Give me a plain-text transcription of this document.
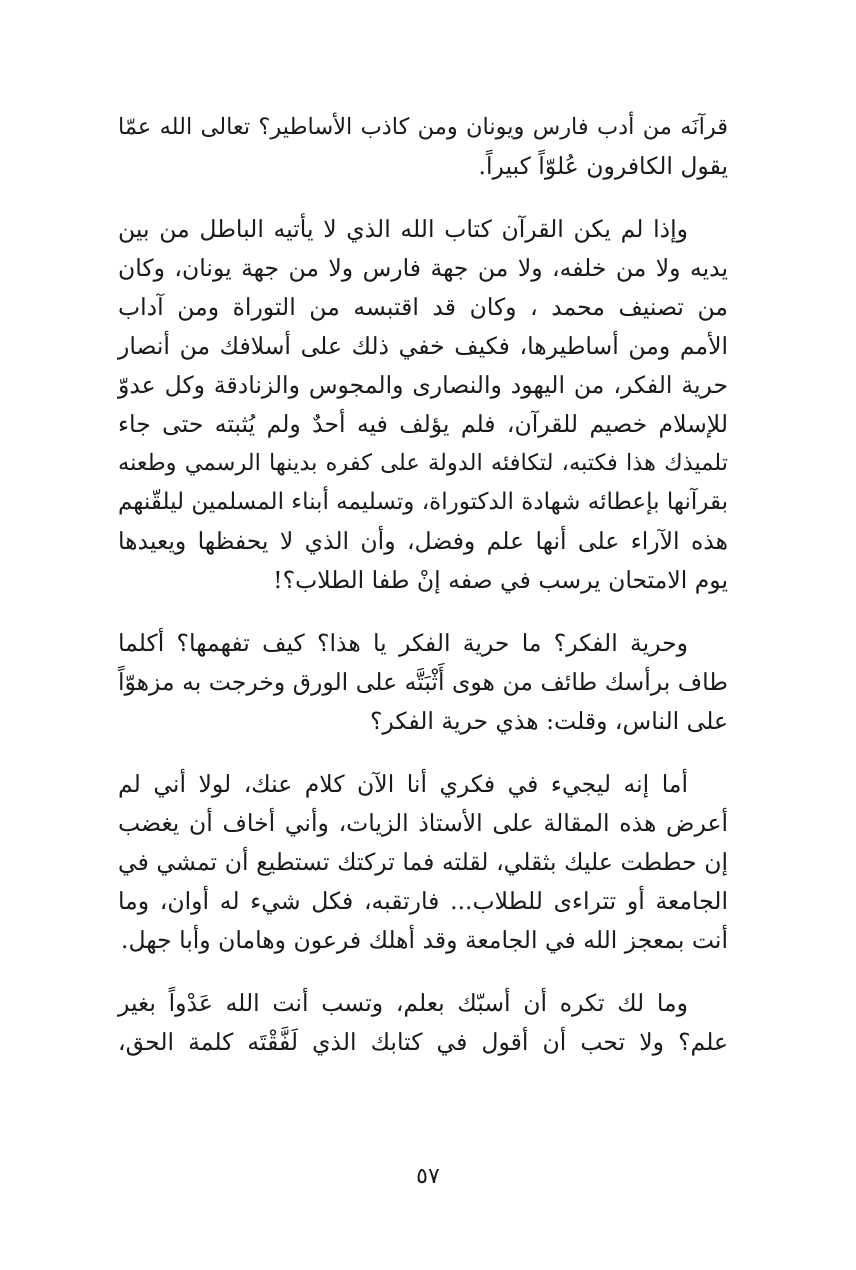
قرآنَه من أدب فارس ويونان ومن كاذب الأساطير؟ تعالى الله عمّا
يقول الكافرون عُلوّاً كبيراً.

وإذا لم يكن القرآن كتاب الله الذي لا يأتيه الباطل من بين
يديه ولا من خلفه، ولا من جهة فارس ولا من جهة يونان، وكان
من تصنيف محمد ، وكان قد اقتبسه من التوراة ومن آداب
الأمم ومن أساطيرها، فكيف خفي ذلك على أسلافك من أنصار
حرية الفكر، من اليهود والنصارى والمجوس والزنادقة وكل عدوّ
للإسلام خصيم للقرآن، فلم يؤلف فيه أحدٌ ولم يُثبته حتى جاء
تلميذك هذا فكتبه، لتكافئه الدولة على كفره بدينها الرسمي وطعنه
بقرآنها بإعطائه شهادة الدكتوراة، وتسليمه أبناء المسلمين ليلقّنهم
هذه الآراء على أنها علم وفضل، وأن الذي لا يحفظها ويعيدها
يوم الامتحان يرسب في صفه إنْ طفا الطلاب؟!

وحرية الفكر؟ ما حرية الفكر يا هذا؟ كيف تفهمها؟ أكلما
طاف برأسك طائف من هوى أَثْبَتَّه على الورق وخرجت به مزهوّاً
على الناس، وقلت: هذي حرية الفكر؟

أما إنه ليجيء في فكري أنا الآن كلام عنك، لولا أني لم
أعرض هذه المقالة على الأستاذ الزيات، وأني أخاف أن يغضب
إن حططت عليك بثقلي، لقلته فما تركتك تستطيع أن تمشي في
الجامعة أو تتراءى للطلاب... فارتقبه، فكل شيء له أوان، وما
أنت بمعجز الله في الجامعة وقد أهلك فرعون وهامان وأبا جهل.

وما لك تكره أن أسبّك بعلم، وتسب أنت الله عَدْواً بغير
علم؟ ولا تحب أن أقول في كتابك الذي لَفَّقْتَه كلمة الحق،

٥٧
